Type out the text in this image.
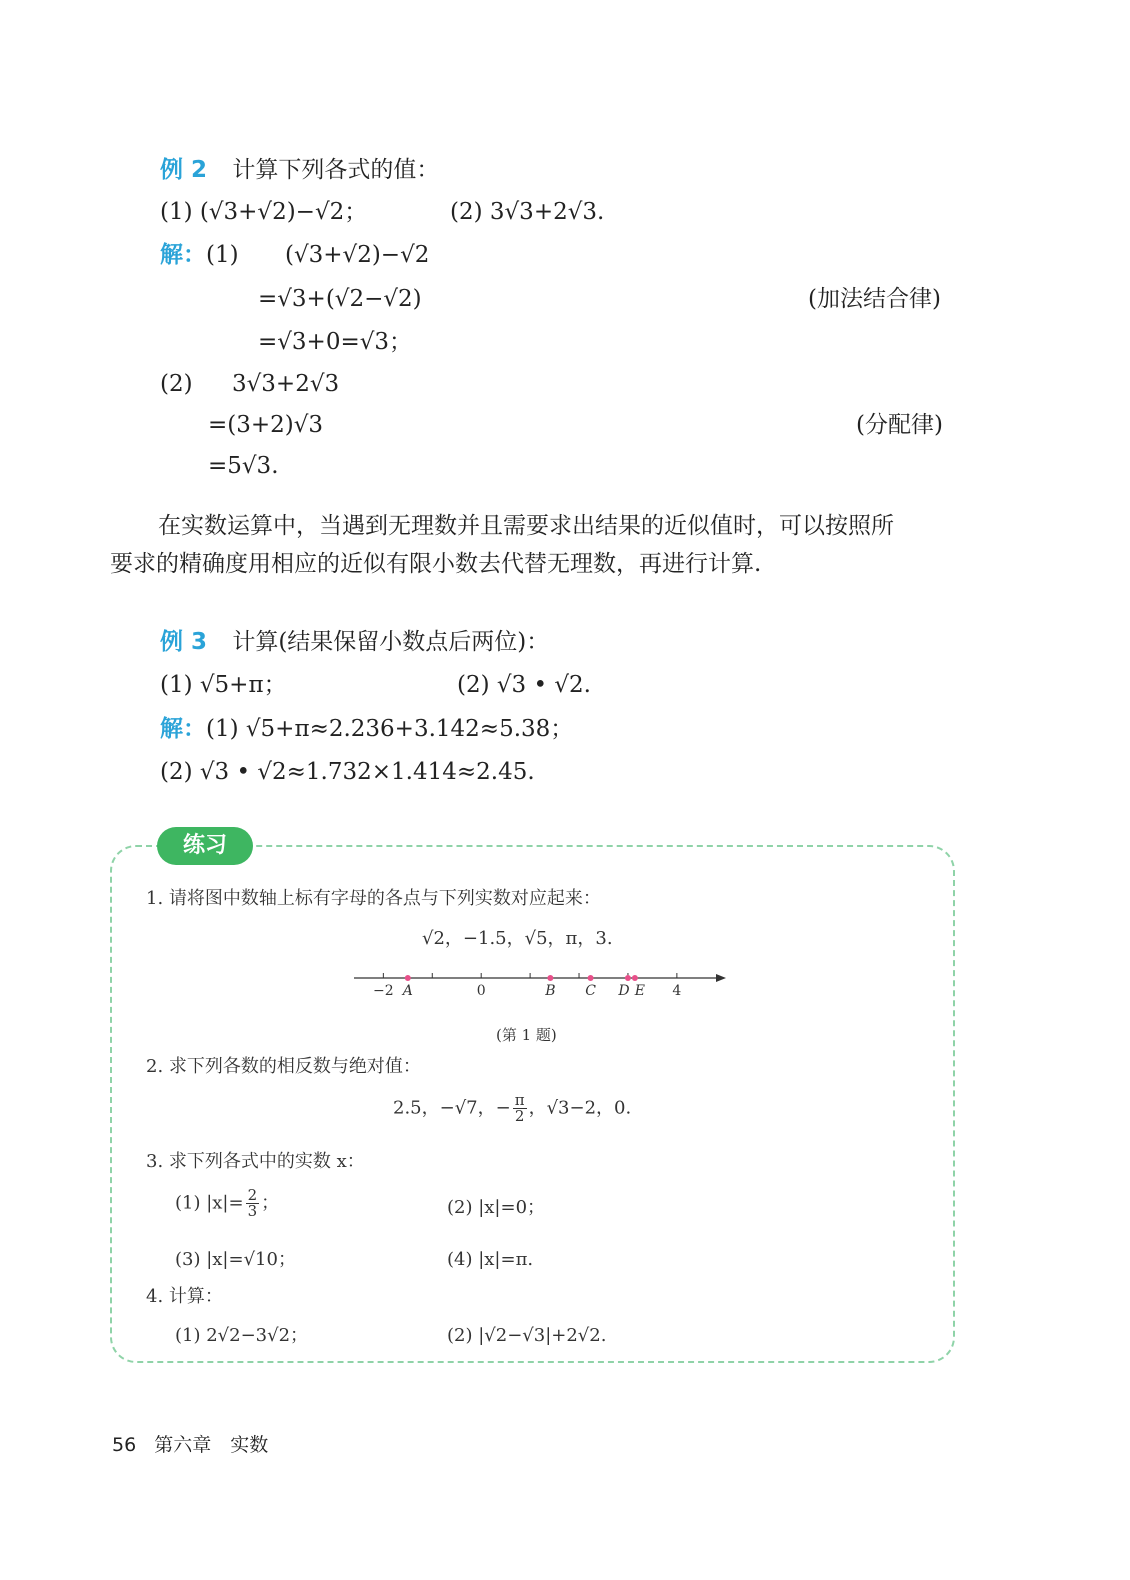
例 2 计算下列各式的值：
(1) (√3+√2)−√2；	(2) 3√3+2√3.
解：(1) (√3+√2)−√2
=√3+(√2−√2)	(加法结合律)
=√3+0=√3；
(2) 3√3+2√3
=(3+2)√3	(分配律)
=5√3.
在实数运算中，当遇到无理数并且需要求出结果的近似值时，可以按照所
要求的精确度用相应的近似有限小数去代替无理数，再进行计算.
例 3 计算(结果保留小数点后两位)：
(1) √5+π；	(2) √3 • √2.
解：(1) √5+π≈2.236+3.142≈5.38；
(2) √3 • √2≈1.732×1.414≈2.45.
练习
1. 请将图中数轴上标有字母的各点与下列实数对应起来：
√2，−1.5，√5，π，3.
−2	0	4
A	B C D E
(第 1 题)
2. 求下列各数的相反数与绝对值：
2.5，−√7，− $\frac{\pi}{2}$ ，√3−2，0.
3. 求下列各式中的实数 x：
(1) $|x|= \frac{2}{3}$ ；	(2) |x|=0；
(3) |x|=√10；	(4) |x|=π.
4. 计算：
(1) 2√2−3√2；	(2) |√2−√3|+2√2.
56 第六章　实数
